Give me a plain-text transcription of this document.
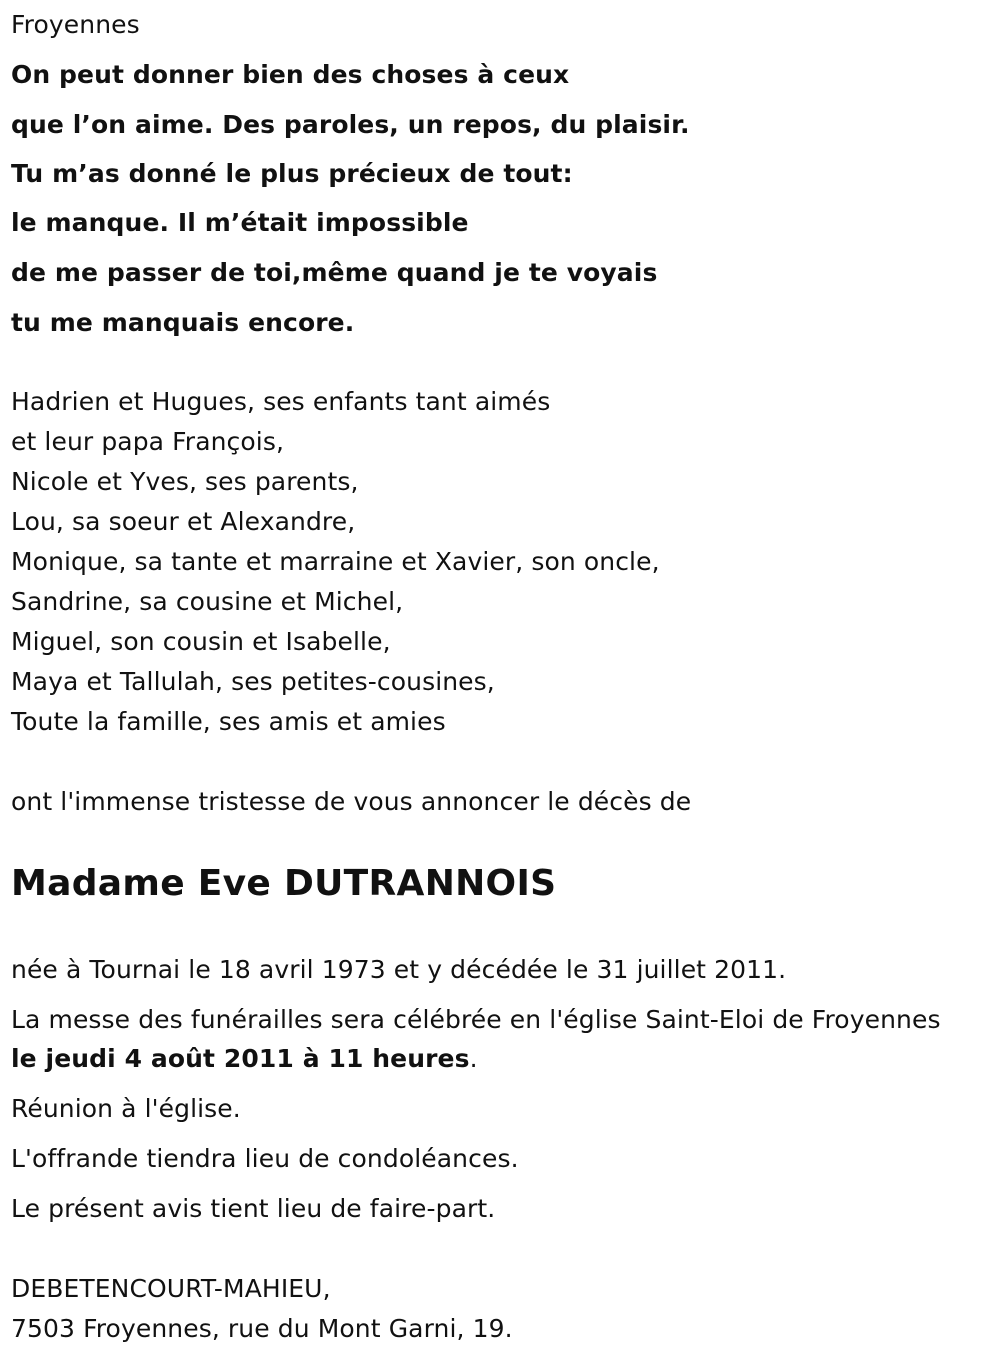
Froyennes
On peut donner bien des choses à ceux
que l’on aime. Des paroles, un repos, du plaisir.
Tu m’as donné le plus précieux de tout:
le manque. Il m’était impossible
de me passer de toi,même quand je te voyais
tu me manquais encore.
Hadrien et Hugues, ses enfants tant aimés
et leur papa François,
Nicole et Yves, ses parents,
Lou, sa soeur et Alexandre,
Monique, sa tante et marraine et Xavier, son oncle,
Sandrine, sa cousine et Michel,
Miguel, son cousin et Isabelle,
Maya et Tallulah, ses petites-cousines,
Toute la famille, ses amis et amies
ont l'immense tristesse de vous annoncer le décès de
Madame Eve DUTRANNOIS
née à Tournai le 18 avril 1973 et y décédée le 31 juillet 2011.
La messe des funérailles sera célébrée en l'église Saint-Eloi de Froyennes
le jeudi 4 août 2011 à 11 heures.
Réunion à l'église.
L'offrande tiendra lieu de condoléances.
Le présent avis tient lieu de faire-part.
DEBETENCOURT-MAHIEU,
7503 Froyennes, rue du Mont Garni, 19.
